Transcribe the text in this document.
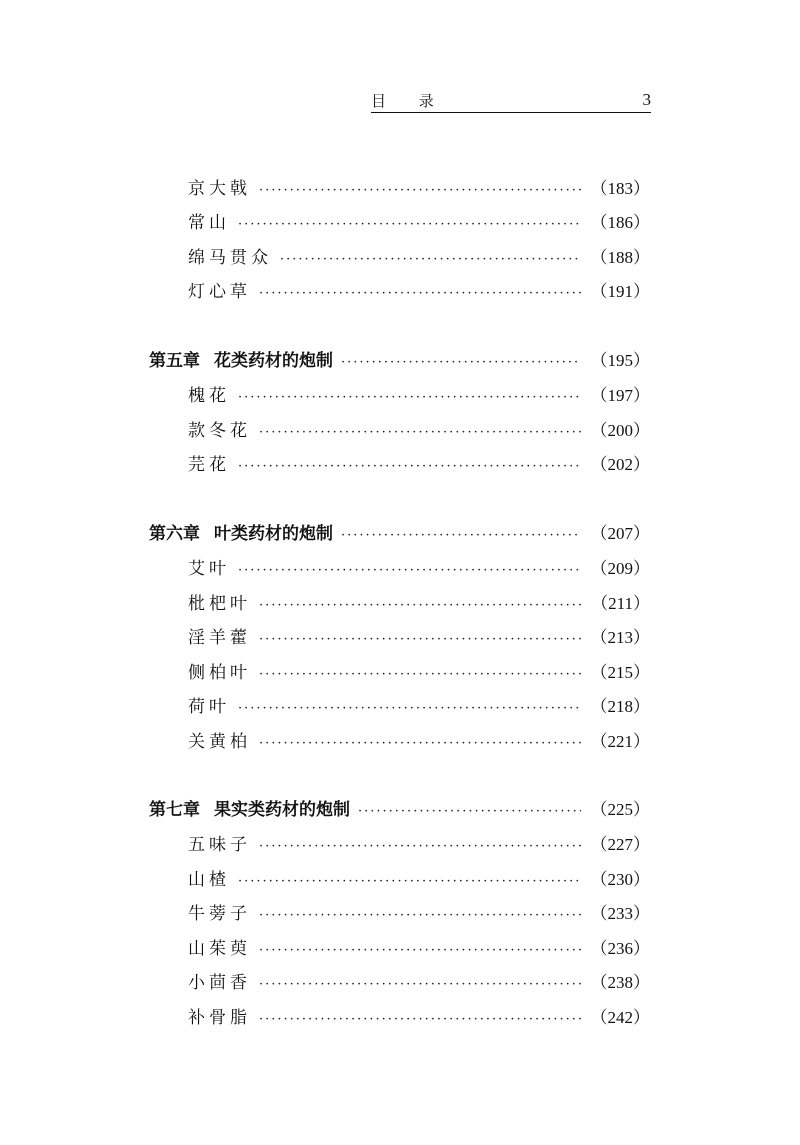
目 录	3
京大戟 ·····	（183）
常山 ·····	（186）
绵马贯众 ·····	（188）
灯心草 ·····	（191）
第五章 花类药材的炮制 ·····	（195）
槐花 ·····	（197）
款冬花 ·····	（200）
芫花 ·····	（202）
第六章 叶类药材的炮制 ·····	（207）
艾叶 ·····	（209）
枇杷叶 ·····	（211）
淫羊藿 ·····	（213）
侧柏叶 ·····	（215）
荷叶 ·····	（218）
关黄柏 ·····	（221）
第七章 果实类药材的炮制 ·····	（225）
五味子 ·····	（227）
山楂 ·····	（230）
牛蒡子 ·····	（233）
山茱萸 ·····	（236）
小茴香 ·····	（238）
补骨脂 ·····	（242）
